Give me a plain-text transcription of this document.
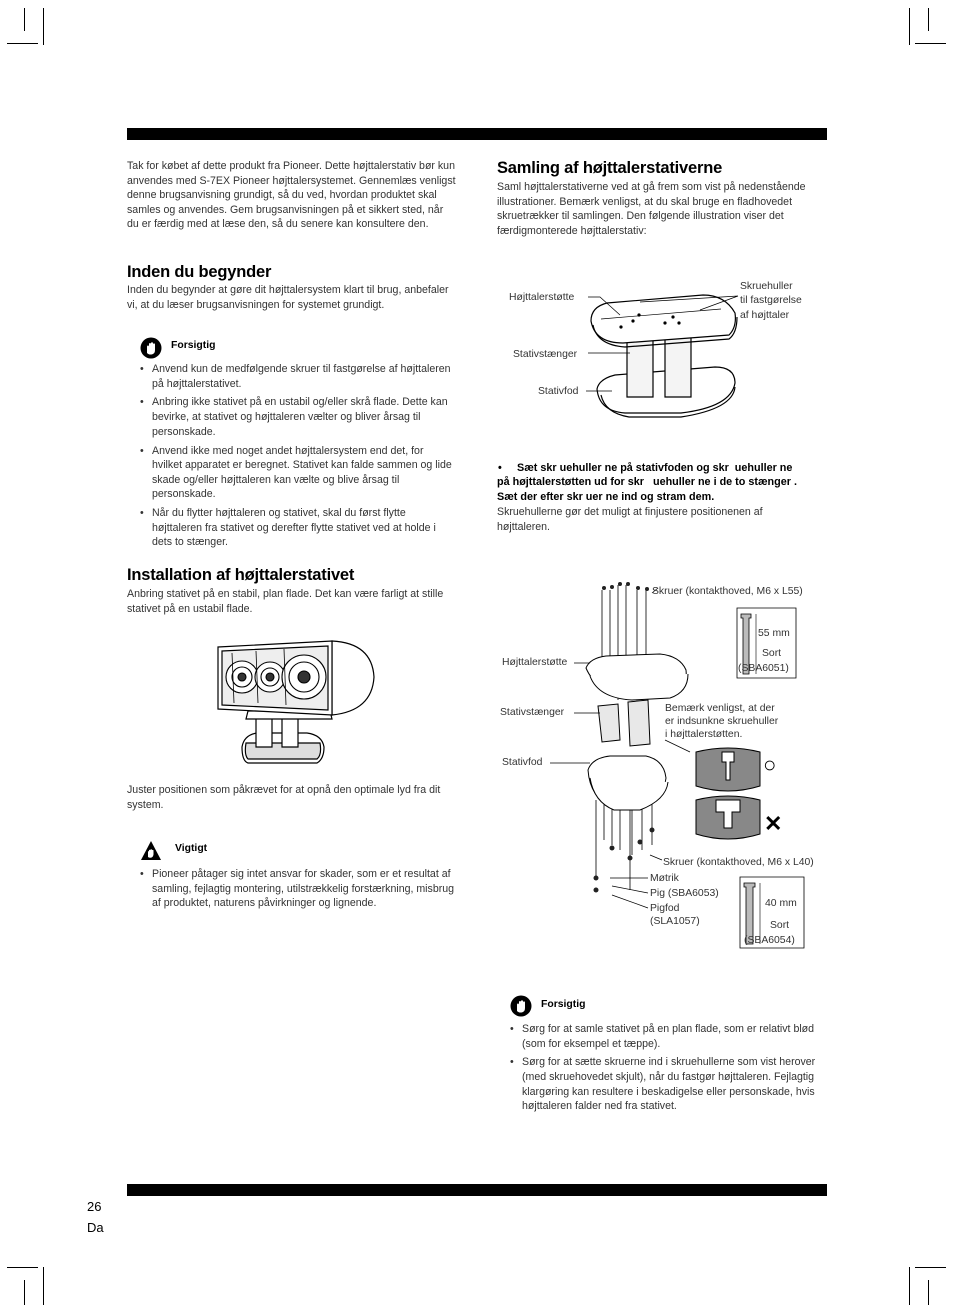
Tak for købet af dette produkt fra Pioneer. Dette højttalerstativ bør kun anvendes med S-7EX Pioneer højttalersystemet. Gennemlæs venligst denne brugsanvisning grundigt, så du ved, hvordan produktet skal samles og anvendes. Gem brugsanvisningen på et sikkert sted, når du er færdig med at læse den, så du senere kan konsultere den.
Inden du begynder
Inden du begynder at gøre dit højttalersystem klart til brug, anbefaler vi, at du læser brugsanvisningen for systemet grundigt.
Forsigtig
• Anvend kun de medfølgende skruer til fastgørelse af højttaleren på højttalerstativet.
• Anbring ikke stativet på en ustabil og/eller skrå flade. Dette kan bevirke, at stativet og højttaleren vælter og bliver årsag til personskade.
• Anvend ikke med noget andet højttalersystem end det, for hvilket apparatet er beregnet. Stativet kan falde sammen og lide skade og/eller højttaleren kan vælte og blive årsag til personskade.
• Når du flytter højttaleren og stativet, skal du først flytte højttaleren fra stativet og derefter flytte stativet ved at holde i dets to stænger.
Installation af højttalerstativet
Anbring stativet på en stabil, plan flade. Det kan være farligt at stille stativet på en ustabil flade.
Juster positionen som påkrævet for at opnå den optimale lyd fra dit system.
Vigtigt
• Pioneer påtager sig intet ansvar for skader, som er et resultat af samling, fejlagtig montering, utilstrækkelig forstærkning, misbrug af produktet, naturens påvirkninger og lignende.
Samling af højttalerstativerne
Saml højttalerstativerne ved at gå frem som vist på nedenstående illustrationer. Bemærk venligst, at du skal bruge en fladhovedet skruetrækker til samlingen. Den følgende illustration viser det færdigmonterede højttalerstativ:
Højttalerstøtte
Skruehuller
til fastgørelse
af højttaler
Stativstænger
Stativfod
• Sæt skr uehuller ne på stativfoden og skr  uehuller ne
på højttalerstøtten ud for skr   uehuller ne i de to stænger .
Sæt der efter skr uer ne ind og stram dem.
Skruehullerne gør det muligt at finjustere positionenen af højttaleren.
Skruer (kontakthoved, M6 x L55)
55 mm
Sort
(SBA6051)
Højttalerstøtte
Stativstænger
Stativfod
Bemærk venligst, at der
er indsunkne skruehuller
i højttalerstøtten.
○
✕
Skruer (kontakthoved, M6 x L40)
Møtrik
Pig (SBA6053)
Pigfod
(SLA1057)
40 mm
Sort
(SBA6054)
Forsigtig
• Sørg for at samle stativet på en plan flade, som er relativt blød (som for eksempel et tæppe).
• Sørg for at sætte skruerne ind i skruehullerne som vist herover (med skruehovedet skjult), når du fastgør højttaleren. Fejlagtig klargøring kan resultere i beskadigelse eller personskade, hvis højttaleren falder ned fra stativet.
26
Da
